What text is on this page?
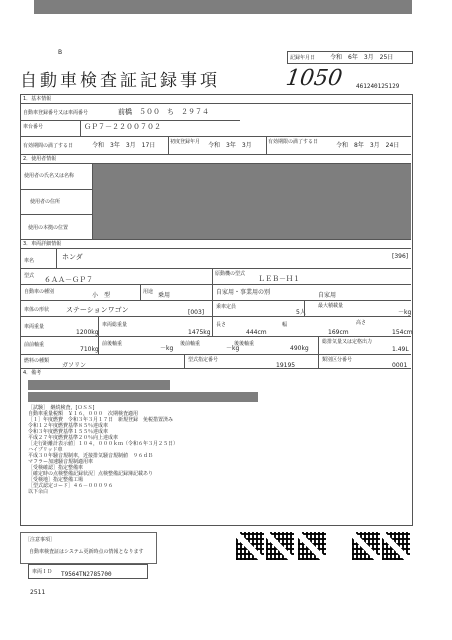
B
記録年月日 令和　6年　3月　25日
自動車検査証記録事項	1050 461240125129
1．基本情報
自動車登録番号又は車両番号	前橋　５００　ち　２９７４
車台番号	ＧＰ７－２２００７０２
有効期間の満了する日	令和　3年　3月　17日	初度登録年月 令和　3年　3月	有効期限の満了する日	令和　8年　3月　24日
2．使用者情報
使用者の氏名又は名称
使用者の住所
使用の本拠の位置
3．車両詳細情報
車名	ホンダ	[396]
型式 ６ＡＡ－ＧＰ７
原動機の型式
ＬＥＢ－Ｈ１
自動車の種別	小　型	用途 乗用	自家用・事業用の別	自家用
車体の形状 ステーションワゴン	[003]
乗車定員
5人
最大積載量
－kg
車両重量
1200kg
車両総重量
1475kg
長さ
444cm
幅
169cm
高さ
154cm
前前軸重
710kg
前後軸重
－kg
後前軸重
－kg
後後軸重
490kg
総排気量又は定格出力
1.49L
燃料の種類
ガソリン
型式指定番号
19195
類別区分番号
0001
4．備考
［試験］　継続検査，[ＯＳＳ]
自動車重量税額　￥１６，０００　次期検査適用
［１］年度燃費　令和３年３月１７日　新規登録　免税措置済み
令和１２年度燃費基準８５％達成車
令和３年度燃費基準１５５％達成車
平成２７年度燃費基準２０％向上達成車
［走行距離計表示値］１０４，０００ｋｍ（令和６年３月２５日）
ハイブリッド車
平成３０年騒音規制車，近接排気騒音規制値　９６ｄＢ
マフラー加速騒音規制適用車
［受検確認］指定整備車
［確定時の点検整備記録状況］点検整備記録簿記載あり
［受検地］指定整備工場
［型式認定コード］４６－０００９６
以下余白
［注意事項］
自動車検査証はシステム更新時点の情報となります
車両ＩＤ T9564TN2785700
2511
